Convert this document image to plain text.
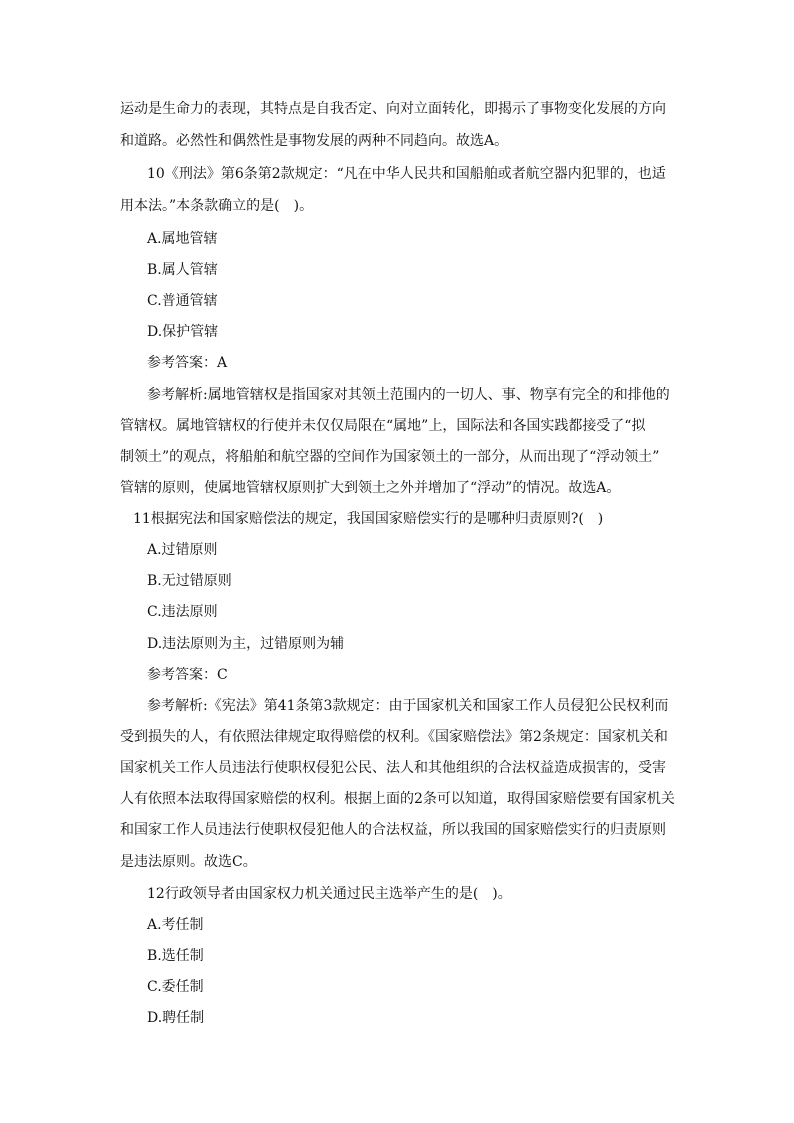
运动是生命力的表现，其特点是自我否定、向对立面转化，即揭示了事物变化发展的方向

和道路。必然性和偶然性是事物发展的两种不同趋向。故选A。

10《刑法》第6条第2款规定：“凡在中华人民共和国船舶或者航空器内犯罪的，也适

用本法。”本条款确立的是(　)。

A.属地管辖

B.属人管辖

C.普通管辖

D.保护管辖

参考答案：A

参考解析:属地管辖权是指国家对其领土范围内的一切人、事、物享有完全的和排他的

管辖权。属地管辖权的行使并未仅仅局限在“属地”上，国际法和各国实践都接受了“拟

制领土”的观点，将船舶和航空器的空间作为国家领土的一部分，从而出现了“浮动领土”

管辖的原则，使属地管辖权原则扩大到领土之外并增加了“浮动”的情况。故选A。

11根据宪法和国家赔偿法的规定，我国国家赔偿实行的是哪种归责原则?(　)

A.过错原则

B.无过错原则

C.违法原则

D.违法原则为主，过错原则为辅

参考答案：C

参考解析:《宪法》第41条第3款规定：由于国家机关和国家工作人员侵犯公民权利而

受到损失的人，有依照法律规定取得赔偿的权利。《国家赔偿法》第2条规定：国家机关和

国家机关工作人员违法行使职权侵犯公民、法人和其他组织的合法权益造成损害的，受害

人有依照本法取得国家赔偿的权利。根据上面的2条可以知道，取得国家赔偿要有国家机关

和国家工作人员违法行使职权侵犯他人的合法权益，所以我国的国家赔偿实行的归责原则

是违法原则。故选C。

12行政领导者由国家权力机关通过民主选举产生的是(　)。

A.考任制

B.选任制

C.委任制

D.聘任制
